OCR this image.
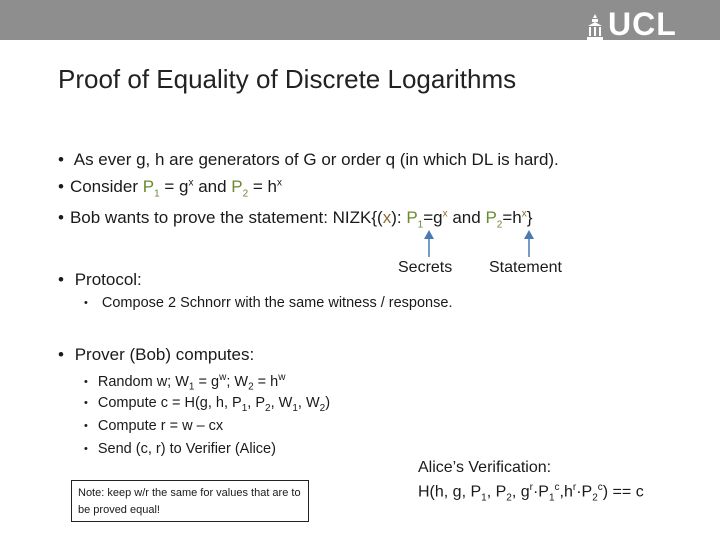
UCL
Proof of Equality of Discrete Logarithms
• As ever g, h are generators of G or order q (in which DL is hard).
• Consider $P_1 = g^x$ and $P_2 = h^x$
• Bob wants to prove the statement: NIZK{(x): $P_1=g^x$ and $P_2=h^x$}
Secrets Statement
• Protocol:
• Compose 2 Schnorr with the same witness / response.
• Prover (Bob) computes:
• Random w; $W_1 = g^w$; $W_2 = h^w$
• Compute c = H(g, h, $P_1$, $P_2$, $W_1$, $W_2$)
• Compute r = w – cx
• Send (c, r) to Verifier (Alice)
Note: keep w/r the same for values that are to be proved equal!
Alice’s Verification:
H(h, g, $P_1$, $P_2$, $g^r\cdot P_1^c,h^r\cdot P_2^c) == c$
